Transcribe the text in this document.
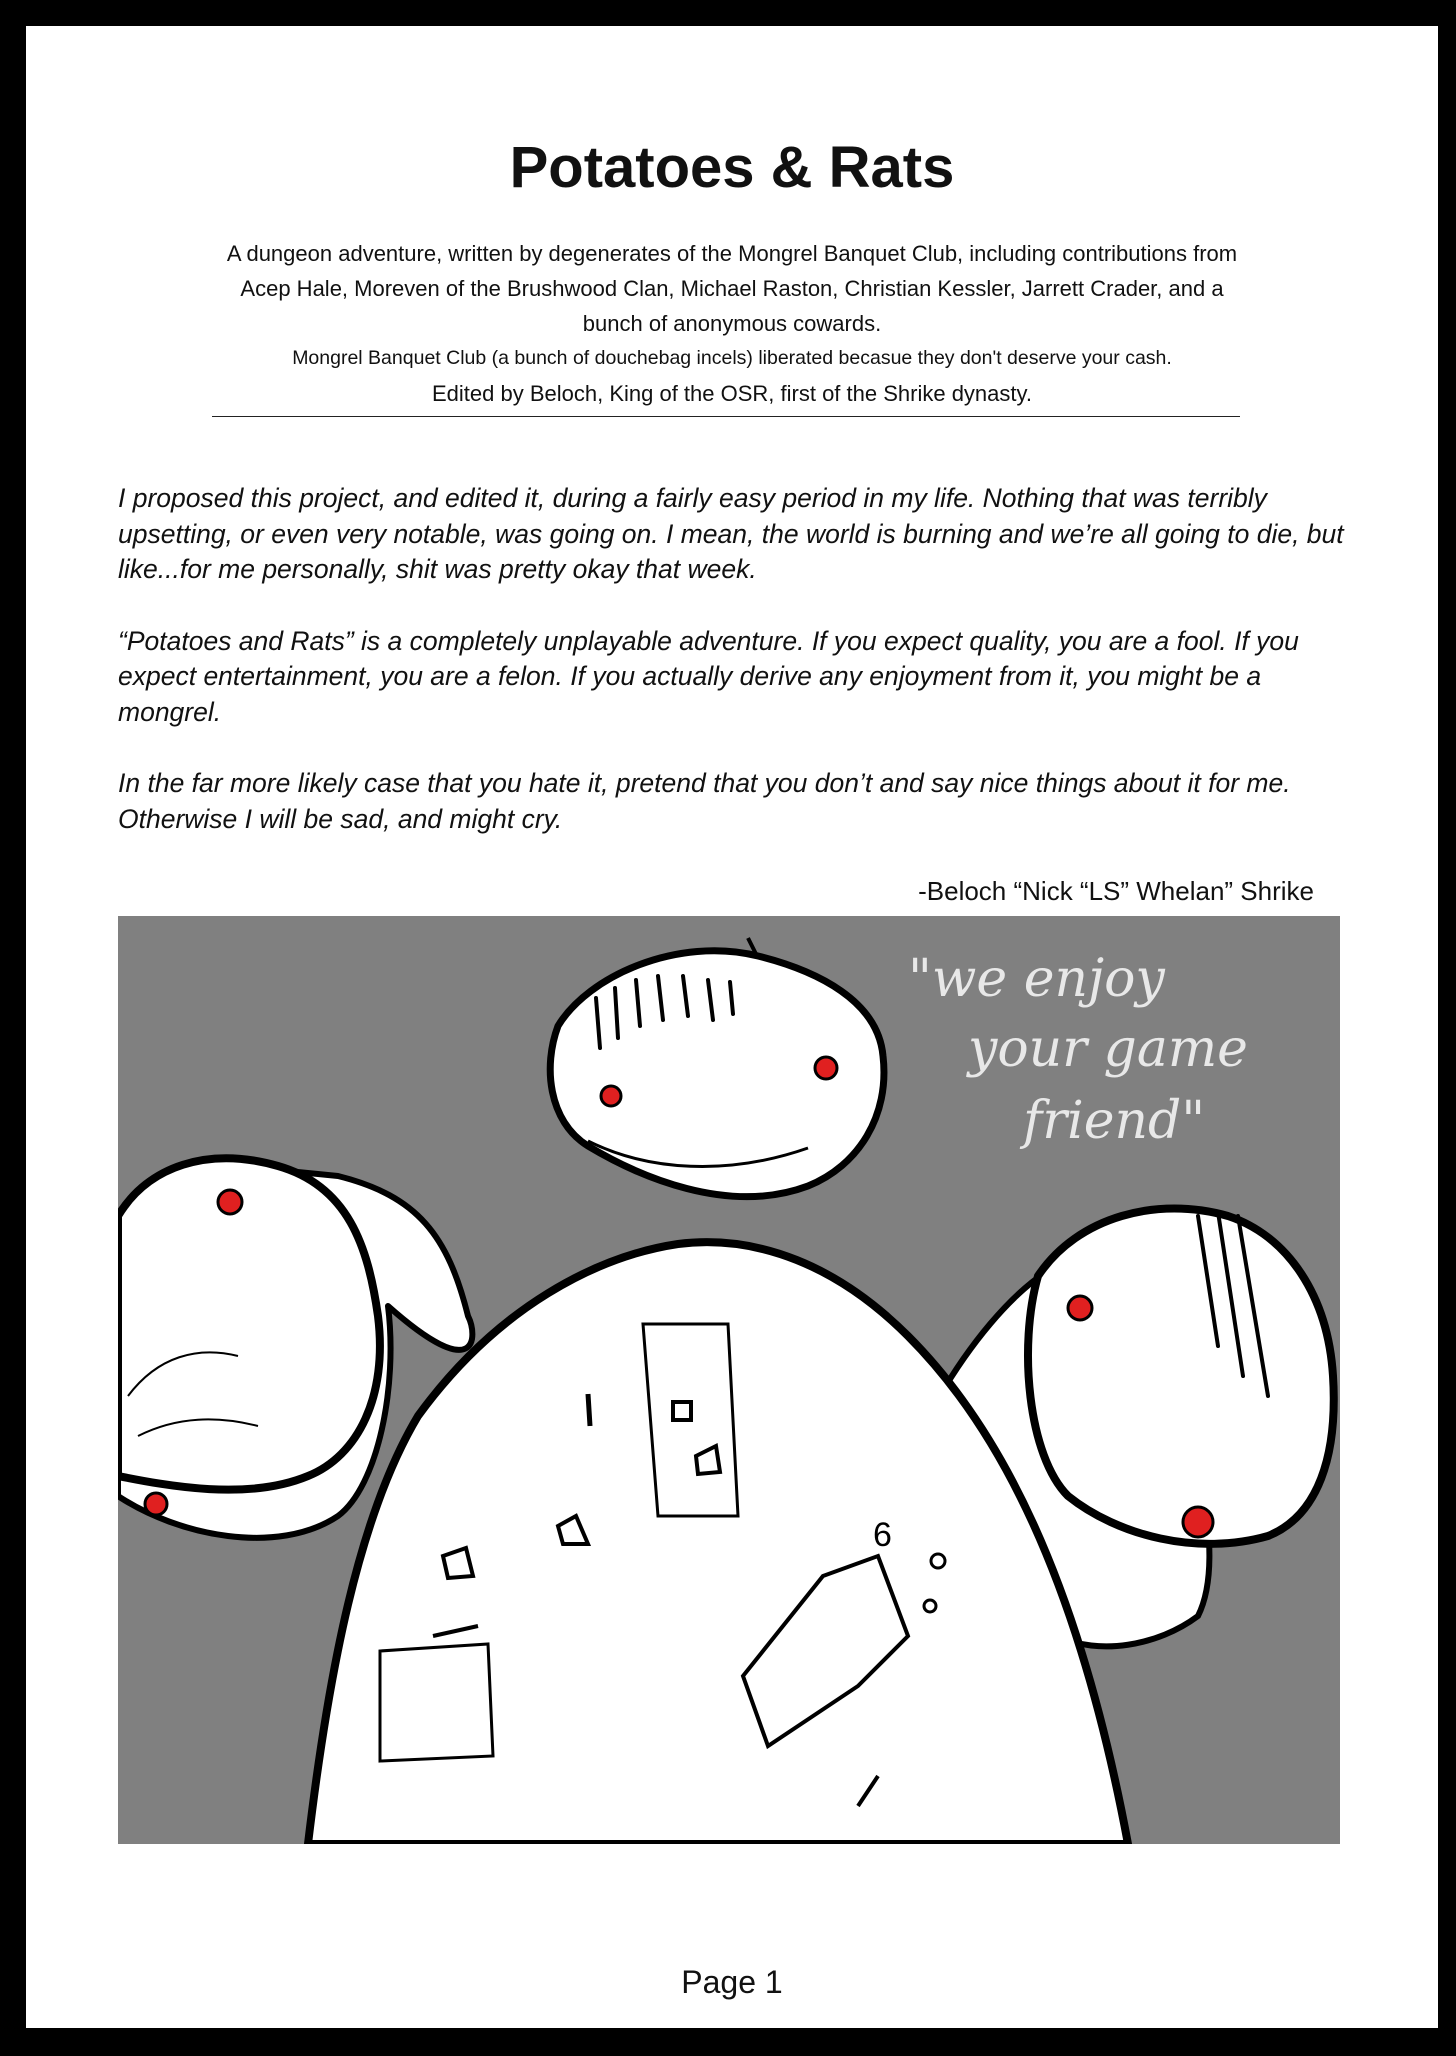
Potatoes & Rats
A dungeon adventure, written by degenerates of the Mongrel Banquet Club, including contributions from Acep Hale, Moreven of the Brushwood Clan, Michael Raston, Christian Kessler, Jarrett Crader, and a bunch of anonymous cowards.

Mongrel Banquet Club (a bunch of douchebag incels) liberated becasue they don't deserve your cash.
Edited by Beloch, King of the OSR, first of the Shrike dynasty.

I proposed this project, and edited it, during a fairly easy period in my life. Nothing that was terribly upsetting, or even very notable, was going on. I mean, the world is burning and we’re all going to die, but like...for me personally, shit was pretty okay that week.

“Potatoes and Rats” is a completely unplayable adventure. If you expect quality, you are a fool. If you expect entertainment, you are a felon. If you actually derive any enjoyment from it, you might be a mongrel.

In the far more likely case that you hate it, pretend that you don’t and say nice things about it for me. Otherwise I will be sad, and might cry.

-Beloch “Nick “LS” Whelan” Shrike
6
"we enjoy
your game
friend"
Page 1
